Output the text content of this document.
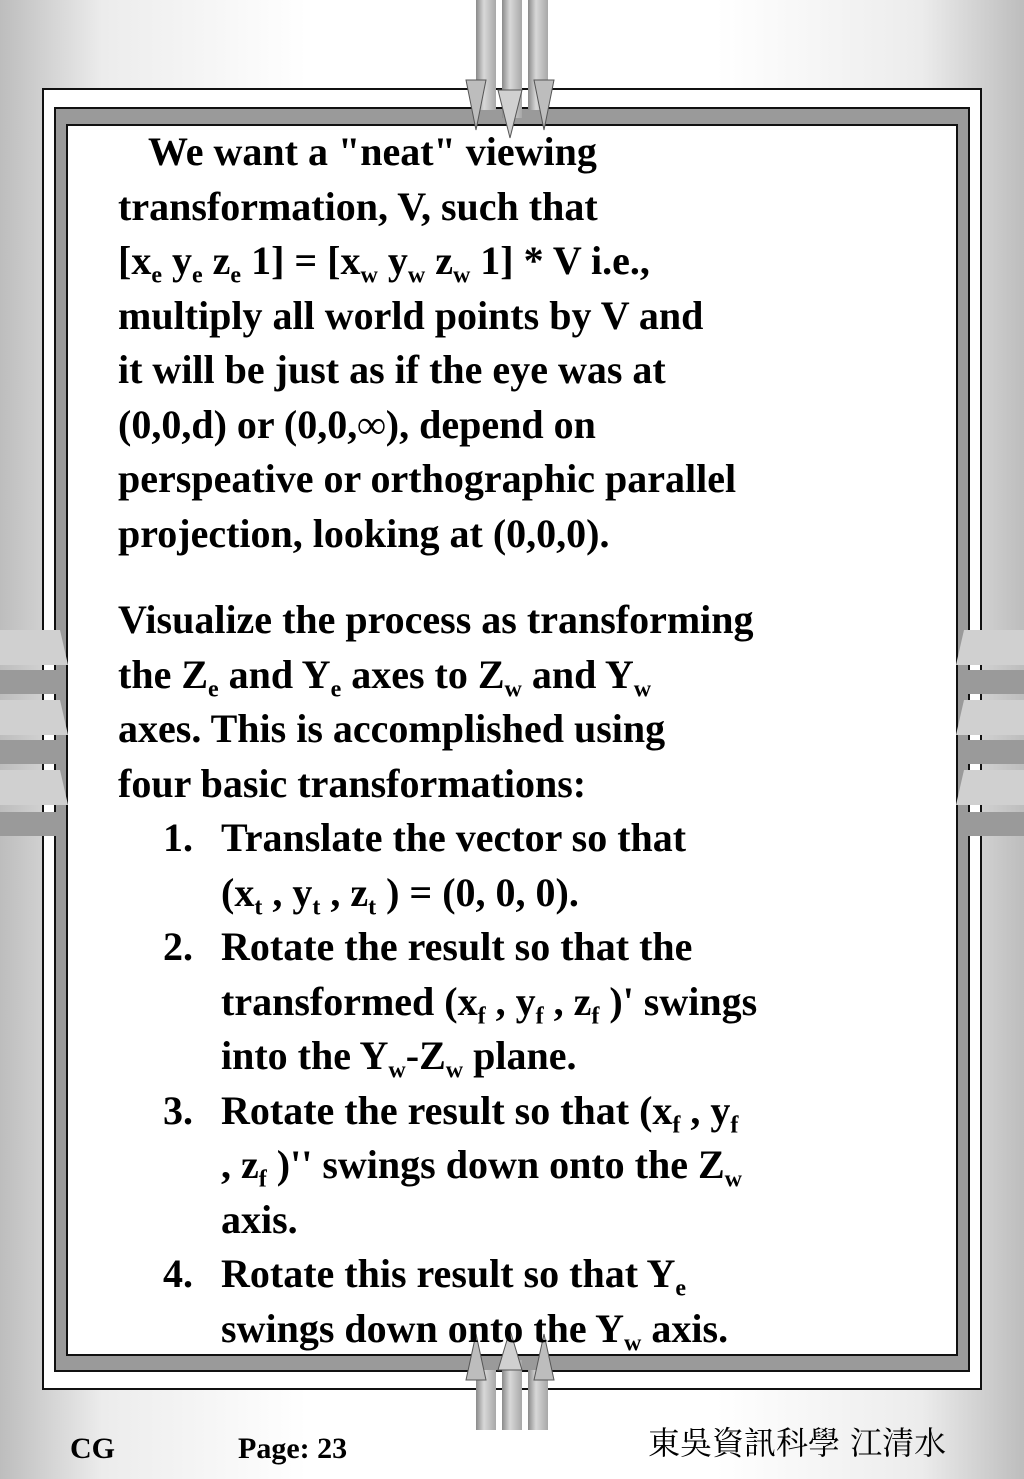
We want a "neat" viewing

transformation, V, such that

[$x_e$ $y_e$ $z_e$ $1] = [x_w$ $y_w$ $z_w$ 1] * V i.e.,

multiply all world points by V and

it will be just as if the eye was at

(0,0,d) or (0,0,∞), depend on

perspeative or orthographic parallel

projection, looking at (0,0,0).

Visualize the process as transforming

the $Z_e$ and $Y_e$ axes to $Z_w$ and $Y_w$

axes. This is accomplished using

four basic transformations:

1. Translate the vector so that

($x_t$ , $y_t$ , $z_t$ ) = (0, 0, 0).

2. Rotate the result so that the

transformed ($x_f$ , $y_f$ , $z_f$ )' swings

into the $Y_w-Z_w$ plane.

3. Rotate the result so that ($x_f$ , $y_f$

, $z_f$ )'' swings down onto the $Z_w$

axis.

4. Rotate this result so that $Y_e$

swings down onto the $Y_w$ axis.

CG	Page: 23	東吳資訊科學 江清水
